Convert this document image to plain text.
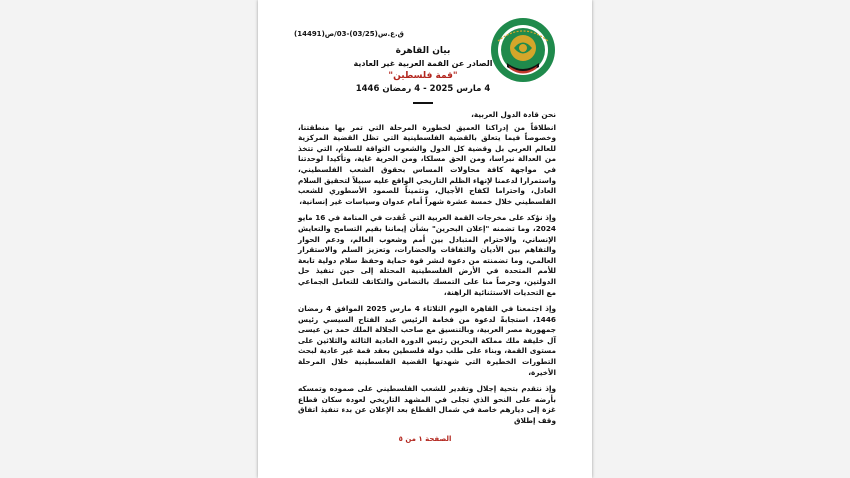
ق.ع.س(03/25)-03/ص(14491)
بيان القاهرة
الصادر عن القمة العربية غير العادية
"قمة فلسطين"
4 مارس 2025 - 4 رمضان 1446

نحن قادة الدول العربية،

انطلاقاً من إدراكنا العميق لخطورة المرحلة التي تمر بها منطقتنا، وخصوصاً فيما يتعلق بالقضية الفلسطينية التي تظل القضية المركزية للعالم العربي بل وقضية كل الدول والشعوب التواقة للسلام، التي تتخذ من العدالة نبراسا، ومن الحق مسلكا، ومن الحرية غاية، وتأكيدا لوحدتنا في مواجهة كافة محاولات المساس بحقوق الشعب الفلسطيني، واستمرارا لدعمنا لإنهاء الظلم التاريخي الواقع عليه سبيلاً لتحقيق السلام العادل، واحتراما لكفاح الأجيال، وتثميناً للصمود الأسطوري للشعب الفلسطيني خلال خمسة عشرة شهراً أمام عدوان وسياسات غير إنسانية،

وإذ نؤكد على مخرجات القمة العربية التي عُقدت في المنامة في 16 مايو 2024، وما تضمنه "إعلان البحرين" بشأن إيماننا بقيم التسامح والتعايش الإنساني، والاحترام المتبادل بين أمم وشعوب العالم، ودعم الحوار والتفاهم بين الأديان والثقافات والحضارات، وتعزيز السلم والاستقرار العالمي، وما تضمنته من دعوة لنشر قوة حماية وحفظ سلام دولية تابعة للأمم المتحدة في الأرض الفلسطينية المحتلة إلى حين تنفيذ حل الدولتين، وحرصاً منا على التمسك بالتضامن والتكاتف للتعامل الجماعي مع التحديات الاستثنائية الراهنة،

وإذ اجتمعنا في القاهرة اليوم الثلاثاء 4 مارس 2025 الموافق 4 رمضان 1446، استجابةً لدعوة من فخامة الرئيس عبد الفتاح السيسي رئيس جمهورية مصر العربية، وبالتنسيق مع صاحب الجلالة الملك حمد بن عيسى آل خليفة ملك مملكة البحرين رئيس الدورة العادية الثالثة والثلاثين على مستوى القمة، وبناء على طلب دولة فلسطين بعقد قمة غير عادية لبحث التطورات الخطيرة التي شهدتها القضية الفلسطينية خلال المرحلة الأخيرة،

وإذ نتقدم بتحية إجلال وتقدير للشعب الفلسطيني على صموده وتمسكه بأرضه على النحو الذي تجلى في المشهد التاريخي لعودة سكان قطاع غزة إلى ديارهم خاصة في شمال القطاع بعد الإعلان عن بدء تنفيذ اتفاق وقف إطلاق

الصفحة ١ من ٥
